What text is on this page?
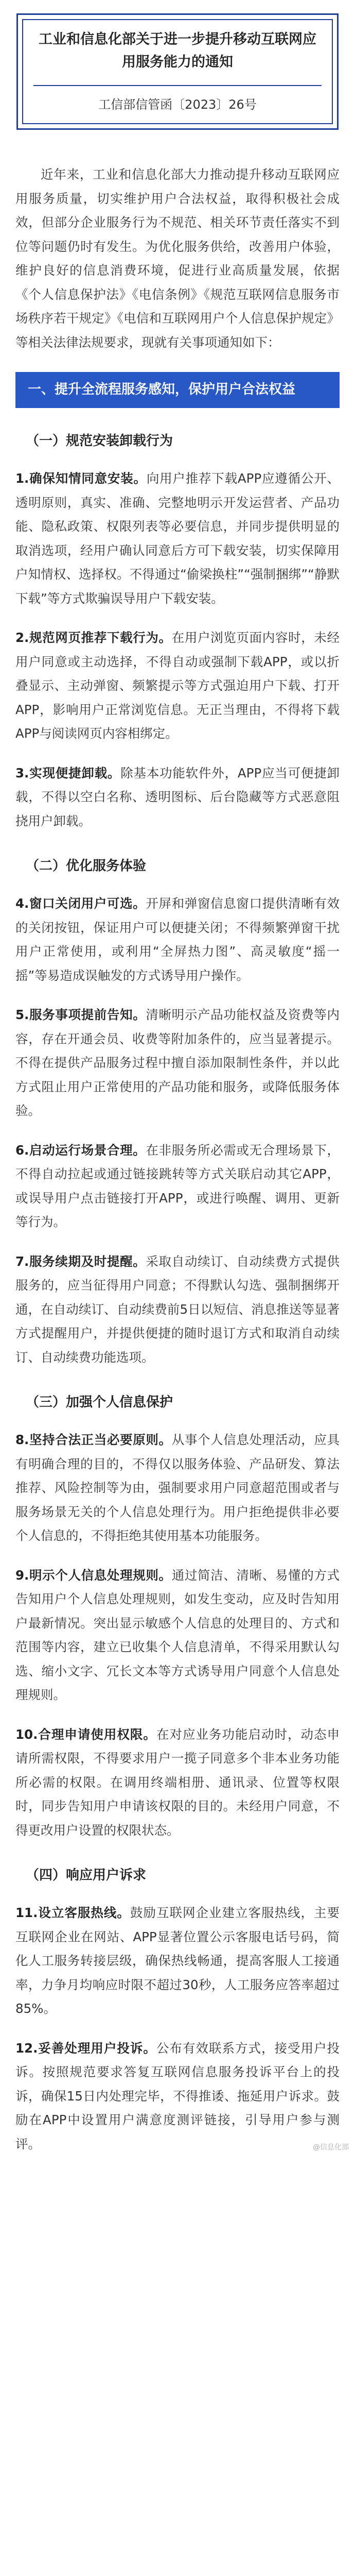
工业和信息化部关于进一步提升移动互联网应用服务能力的通知
工信部信管函〔2023〕26号

近年来，工业和信息化部大力推动提升移动互联网应用服务质量，切实维护用户合法权益，取得积极社会成效，但部分企业服务行为不规范、相关环节责任落实不到位等问题仍时有发生。为优化服务供给，改善用户体验，维护良好的信息消费环境，促进行业高质量发展，依据《个人信息保护法》《电信条例》《规范互联网信息服务市场秩序若干规定》《电信和互联网用户个人信息保护规定》等相关法律法规要求，现就有关事项通知如下：

一、提升全流程服务感知，保护用户合法权益
（一）规范安装卸载行为

1.确保知情同意安装。向用户推荐下载APP应遵循公开、透明原则，真实、准确、完整地明示开发运营者、产品功能、隐私政策、权限列表等必要信息，并同步提供明显的取消选项，经用户确认同意后方可下载安装，切实保障用户知情权、选择权。不得通过“偷梁换柱”“强制捆绑”“静默下载”等方式欺骗误导用户下载安装。

2.规范网页推荐下载行为。在用户浏览页面内容时，未经用户同意或主动选择，不得自动或强制下载APP，或以折叠显示、主动弹窗、频繁提示等方式强迫用户下载、打开APP，影响用户正常浏览信息。无正当理由，不得将下载APP与阅读网页内容相绑定。

3.实现便捷卸载。除基本功能软件外，APP应当可便捷卸载，不得以空白名称、透明图标、后台隐藏等方式恶意阻挠用户卸载。

（二）优化服务体验

4.窗口关闭用户可选。开屏和弹窗信息窗口提供清晰有效的关闭按钮，保证用户可以便捷关闭；不得频繁弹窗干扰用户正常使用，或利用“全屏热力图”、高灵敏度“摇一摇”等易造成误触发的方式诱导用户操作。

5.服务事项提前告知。清晰明示产品功能权益及资费等内容，存在开通会员、收费等附加条件的，应当显著提示。不得在提供产品服务过程中擅自添加限制性条件，并以此方式阻止用户正常使用的产品功能和服务，或降低服务体验。

6.启动运行场景合理。在非服务所必需或无合理场景下，不得自动拉起或通过链接跳转等方式关联启动其它APP，或误导用户点击链接打开APP，或进行唤醒、调用、更新等行为。

7.服务续期及时提醒。采取自动续订、自动续费方式提供服务的，应当征得用户同意；不得默认勾选、强制捆绑开通，在自动续订、自动续费前5日以短信、消息推送等显著方式提醒用户，并提供便捷的随时退订方式和取消自动续订、自动续费功能选项。

（三）加强个人信息保护

8.坚持合法正当必要原则。从事个人信息处理活动，应具有明确合理的目的，不得仅以服务体验、产品研发、算法推荐、风险控制等为由，强制要求用户同意超范围或者与服务场景无关的个人信息处理行为。用户拒绝提供非必要个人信息的，不得拒绝其使用基本功能服务。

9.明示个人信息处理规则。通过简洁、清晰、易懂的方式告知用户个人信息处理规则，如发生变动，应及时告知用户最新情况。突出显示敏感个人信息的处理目的、方式和范围等内容，建立已收集个人信息清单，不得采用默认勾选、缩小文字、冗长文本等方式诱导用户同意个人信息处理规则。

10.合理申请使用权限。在对应业务功能启动时，动态申请所需权限，不得要求用户一揽子同意多个非本业务功能所必需的权限。在调用终端相册、通讯录、位置等权限时，同步告知用户申请该权限的目的。未经用户同意，不得更改用户设置的权限状态。

（四）响应用户诉求

11.设立客服热线。鼓励互联网企业建立客服热线，主要互联网企业在网站、APP显著位置公示客服电话号码，简化人工服务转接层级，确保热线畅通，提高客服人工接通率，力争月均响应时限不超过30秒，人工服务应答率超过85%。

12.妥善处理用户投诉。公布有效联系方式，接受用户投诉。按照规范要求答复互联网信息服务投诉平台上的投诉，确保15日内处理完毕，不得推诿、拖延用户诉求。鼓励在APP中设置用户满意度测评链接，引导用户参与测评。	@信息化部
